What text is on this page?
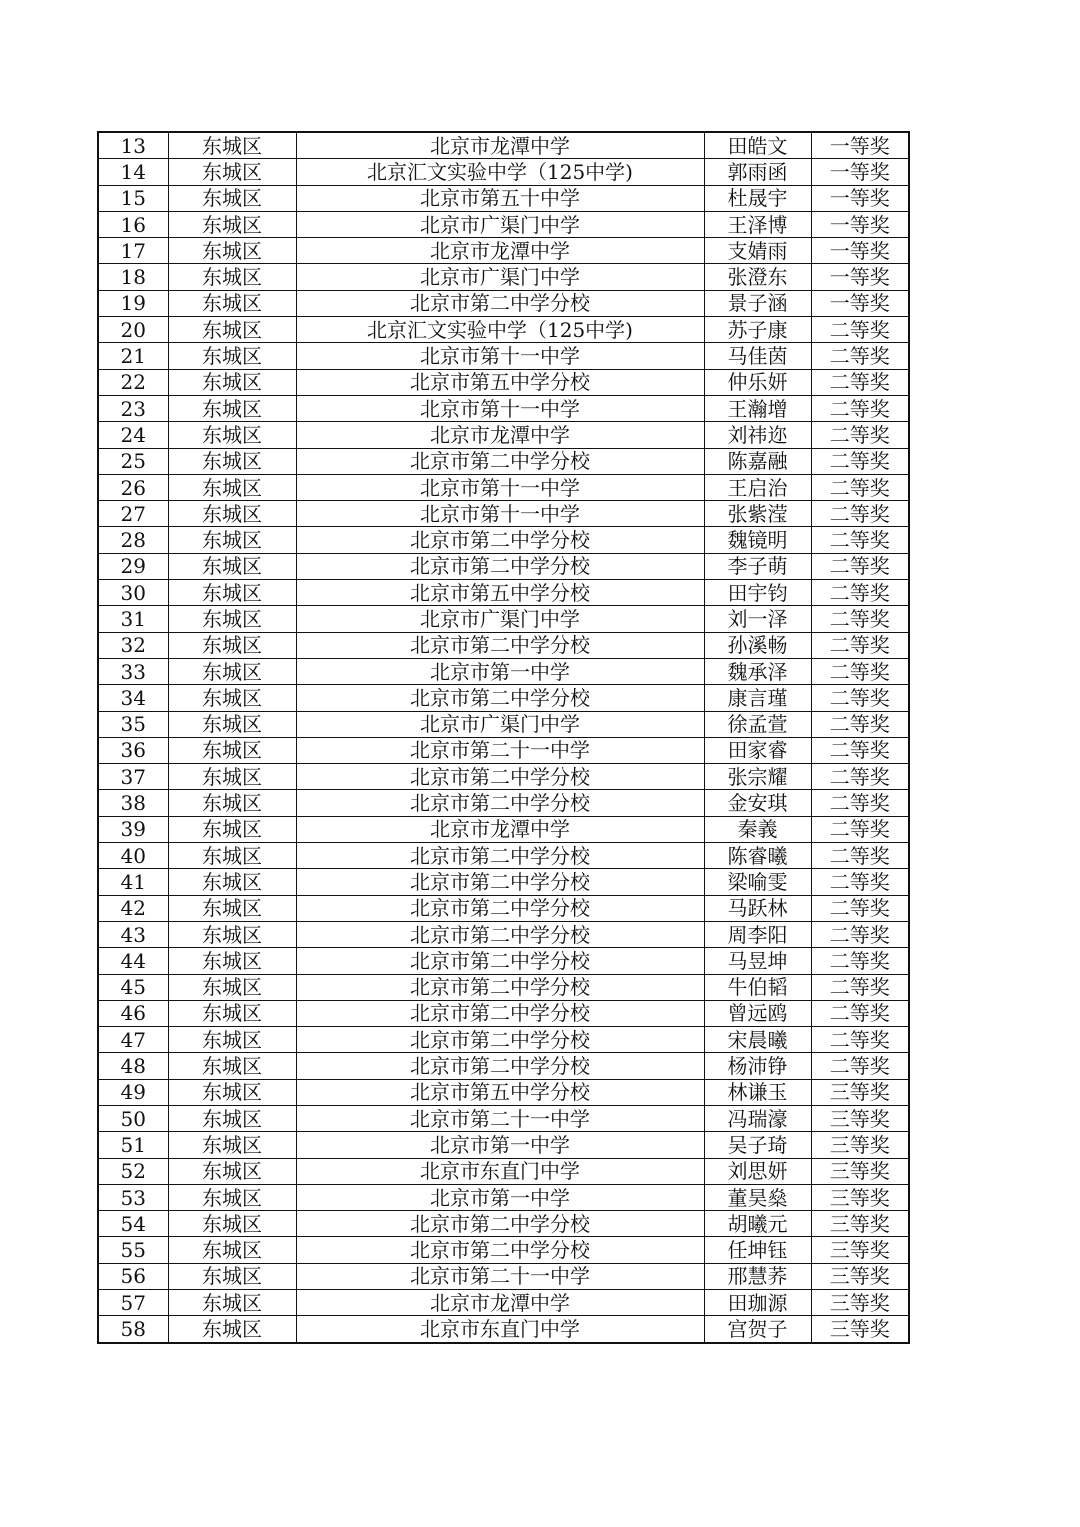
13	东城区	北京市龙潭中学	田皓文	一等奖
14	东城区	北京汇文实验中学（125中学)	郭雨函	一等奖
15	东城区	北京市第五十中学	杜晟宇	一等奖
16	东城区	北京市广渠门中学	王泽博	一等奖
17	东城区	北京市龙潭中学	支婧雨	一等奖
18	东城区	北京市广渠门中学	张澄东	一等奖
19	东城区	北京市第二中学分校	景子涵	一等奖
20	东城区	北京汇文实验中学（125中学)	苏子康	二等奖
21	东城区	北京市第十一中学	马佳茵	二等奖
22	东城区	北京市第五中学分校	仲乐妍	二等奖
23	东城区	北京市第十一中学	王瀚增	二等奖
24	东城区	北京市龙潭中学	刘祎迩	二等奖
25	东城区	北京市第二中学分校	陈嘉融	二等奖
26	东城区	北京市第十一中学	王启治	二等奖
27	东城区	北京市第十一中学	张紫滢	二等奖
28	东城区	北京市第二中学分校	魏镜明	二等奖
29	东城区	北京市第二中学分校	李子萌	二等奖
30	东城区	北京市第五中学分校	田宇钧	二等奖
31	东城区	北京市广渠门中学	刘一泽	二等奖
32	东城区	北京市第二中学分校	孙溪畅	二等奖
33	东城区	北京市第一中学	魏承泽	二等奖
34	东城区	北京市第二中学分校	康言瑾	二等奖
35	东城区	北京市广渠门中学	徐孟萱	二等奖
36	东城区	北京市第二十一中学	田家睿	二等奖
37	东城区	北京市第二中学分校	张宗耀	二等奖
38	东城区	北京市第二中学分校	金安琪	二等奖
39	东城区	北京市龙潭中学	秦義	二等奖
40	东城区	北京市第二中学分校	陈睿曦	二等奖
41	东城区	北京市第二中学分校	梁喻雯	二等奖
42	东城区	北京市第二中学分校	马跃林	二等奖
43	东城区	北京市第二中学分校	周李阳	二等奖
44	东城区	北京市第二中学分校	马昱坤	二等奖
45	东城区	北京市第二中学分校	牛伯韬	二等奖
46	东城区	北京市第二中学分校	曾远鸥	二等奖
47	东城区	北京市第二中学分校	宋晨曦	二等奖
48	东城区	北京市第二中学分校	杨沛铮	二等奖
49	东城区	北京市第五中学分校	林谦玉	三等奖
50	东城区	北京市第二十一中学	冯瑞濠	三等奖
51	东城区	北京市第一中学	吴子琦	三等奖
52	东城区	北京市东直门中学	刘思妍	三等奖
53	东城区	北京市第一中学	董昊燊	三等奖
54	东城区	北京市第二中学分校	胡曦元	三等奖
55	东城区	北京市第二中学分校	任坤钰	三等奖
56	东城区	北京市第二十一中学	邢慧荞	三等奖
57	东城区	北京市龙潭中学	田珈源	三等奖
58	东城区	北京市东直门中学	宫贺子	三等奖
